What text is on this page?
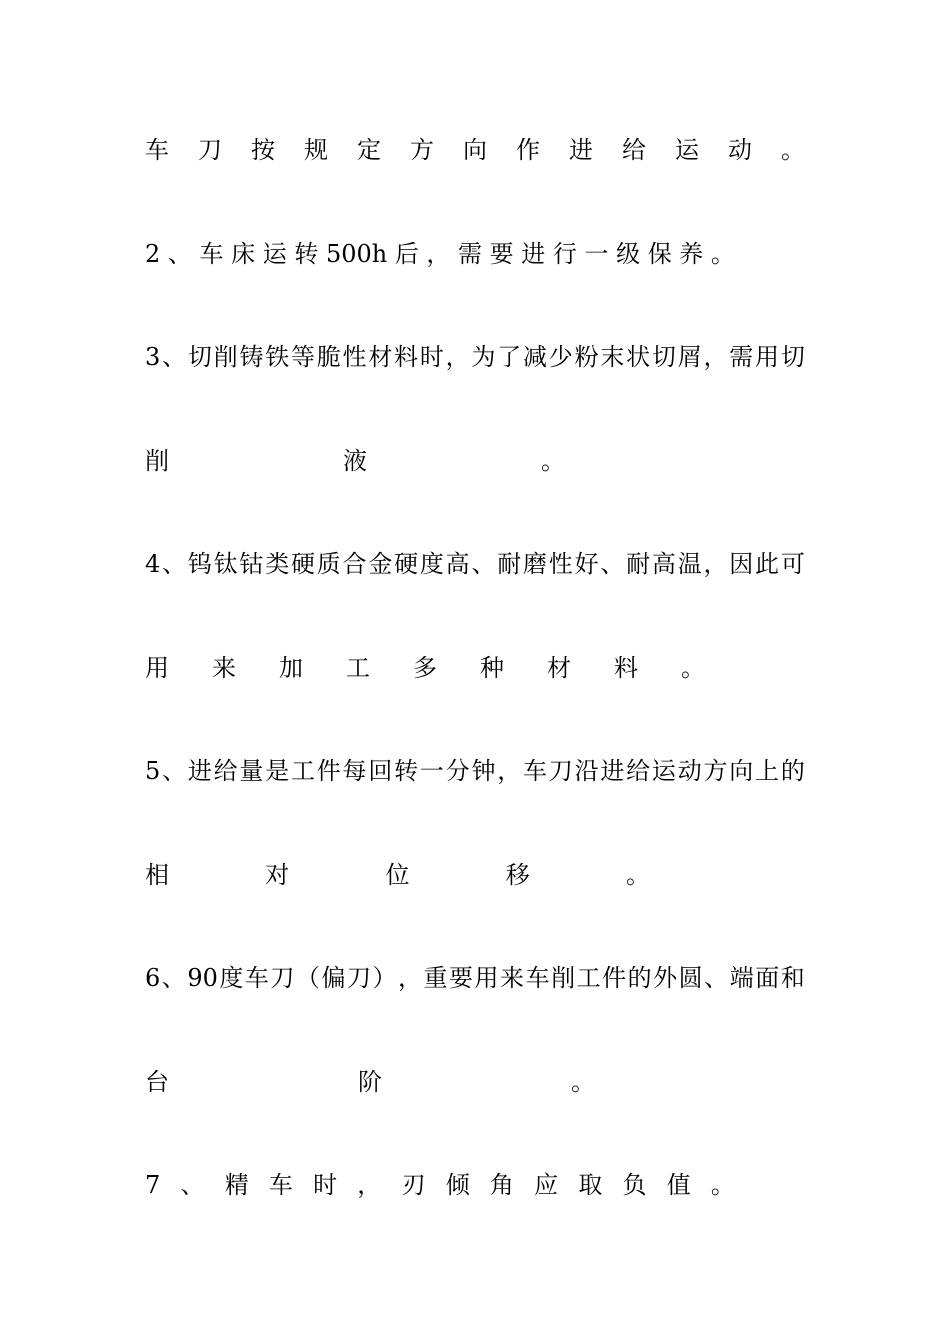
车 刀 按 规 定 方 向 作 进 给 运 动 。
2 、 车 床 运 转 500h 后 ， 需 要 进 行 一 级 保 养 。
3 、 切 削 铸 铁 等 脆 性 材 料 时 ， 为 了 减 少 粉 末 状 切 屑 ， 需 用 切
削	液	。
4 、 钨 钛 钴 类 硬 质 合 金 硬 度 高 、 耐 磨 性 好 、 耐 高 温 ， 因 此 可
用 来 加 工 多 种 材 料 。
5 、 进 给 量 是 工 件 每 回 转 一 分 钟 ， 车 刀 沿 进 给 运 动 方 向 上 的
相	对	位	移	。
6 、 90 度 车 刀 （ 偏 刀 ） ， 重 要 用 来 车 削 工 件 的 外 圆 、 端 面 和
台	阶	。
7 、 精 车 时 ， 刃 倾 角 应 取 负 值 。
